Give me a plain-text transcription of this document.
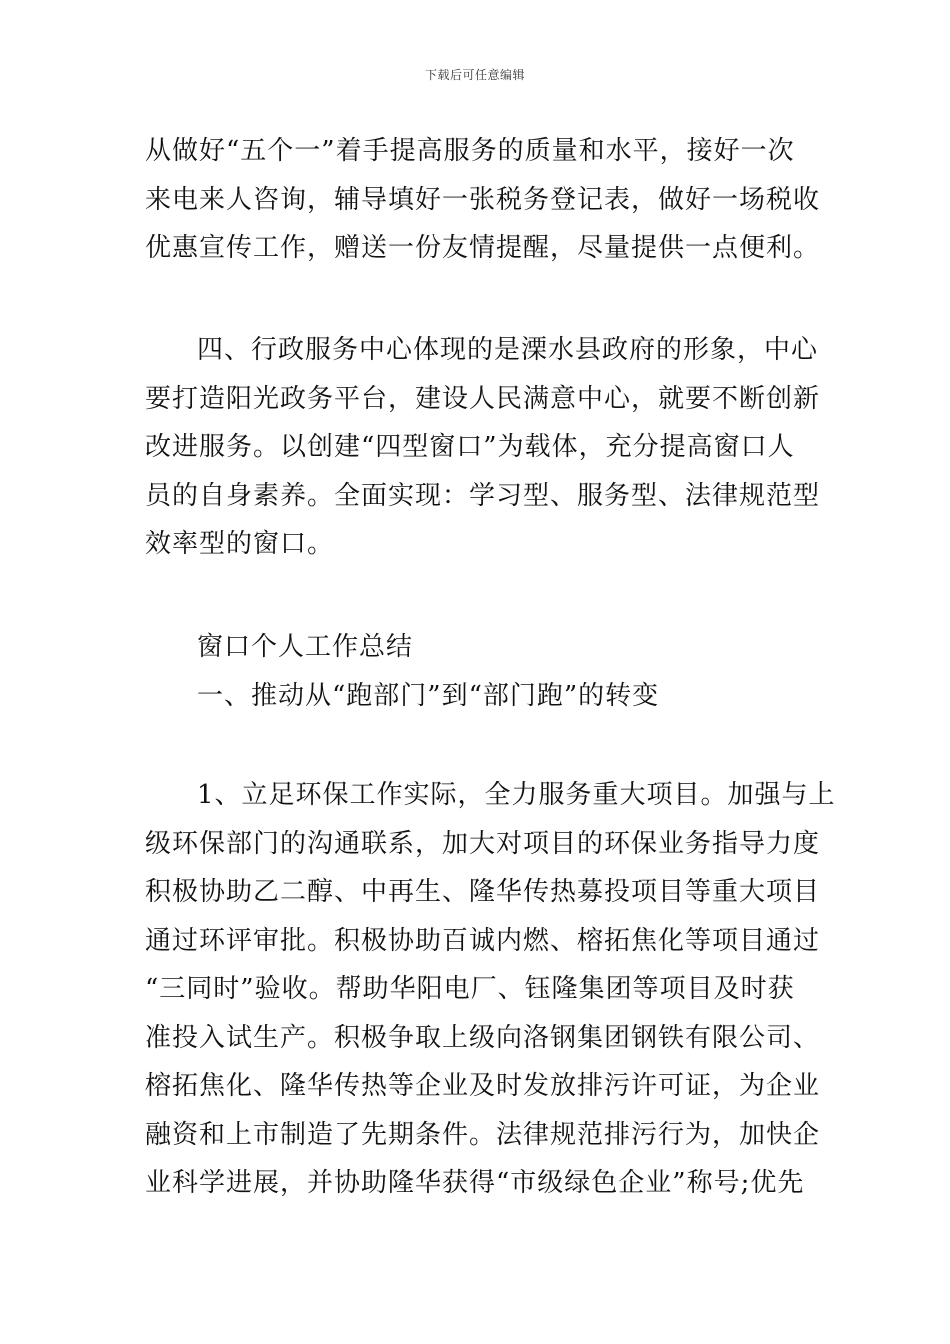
下载后可任意编辑
从做好“五个一”着手提高服务的质量和水平，接好一次
来电来人咨询，辅导填好一张税务登记表，做好一场税收
优惠宣传工作，赠送一份友情提醒，尽量提供一点便利。
四、行政服务中心体现的是溧水县政府的形象，中心
要打造阳光政务平台，建设人民满意中心，就要不断创新
改进服务。以创建“四型窗口”为载体，充分提高窗口人
员的自身素养。全面实现：学习型、服务型、法律规范型
效率型的窗口。
窗口个人工作总结
一、推动从“跑部门”到“部门跑”的转变
1、立足环保工作实际，全力服务重大项目。加强与上
级环保部门的沟通联系，加大对项目的环保业务指导力度
积极协助乙二醇、中再生、隆华传热募投项目等重大项目
通过环评审批。积极协助百诚内燃、榕拓焦化等项目通过
“三同时”验收。帮助华阳电厂、钰隆集团等项目及时获
准投入试生产。积极争取上级向洛钢集团钢铁有限公司、
榕拓焦化、隆华传热等企业及时发放排污许可证，为企业
融资和上市制造了先期条件。法律规范排污行为，加快企
业科学进展，并协助隆华获得“市级绿色企业”称号;优先
